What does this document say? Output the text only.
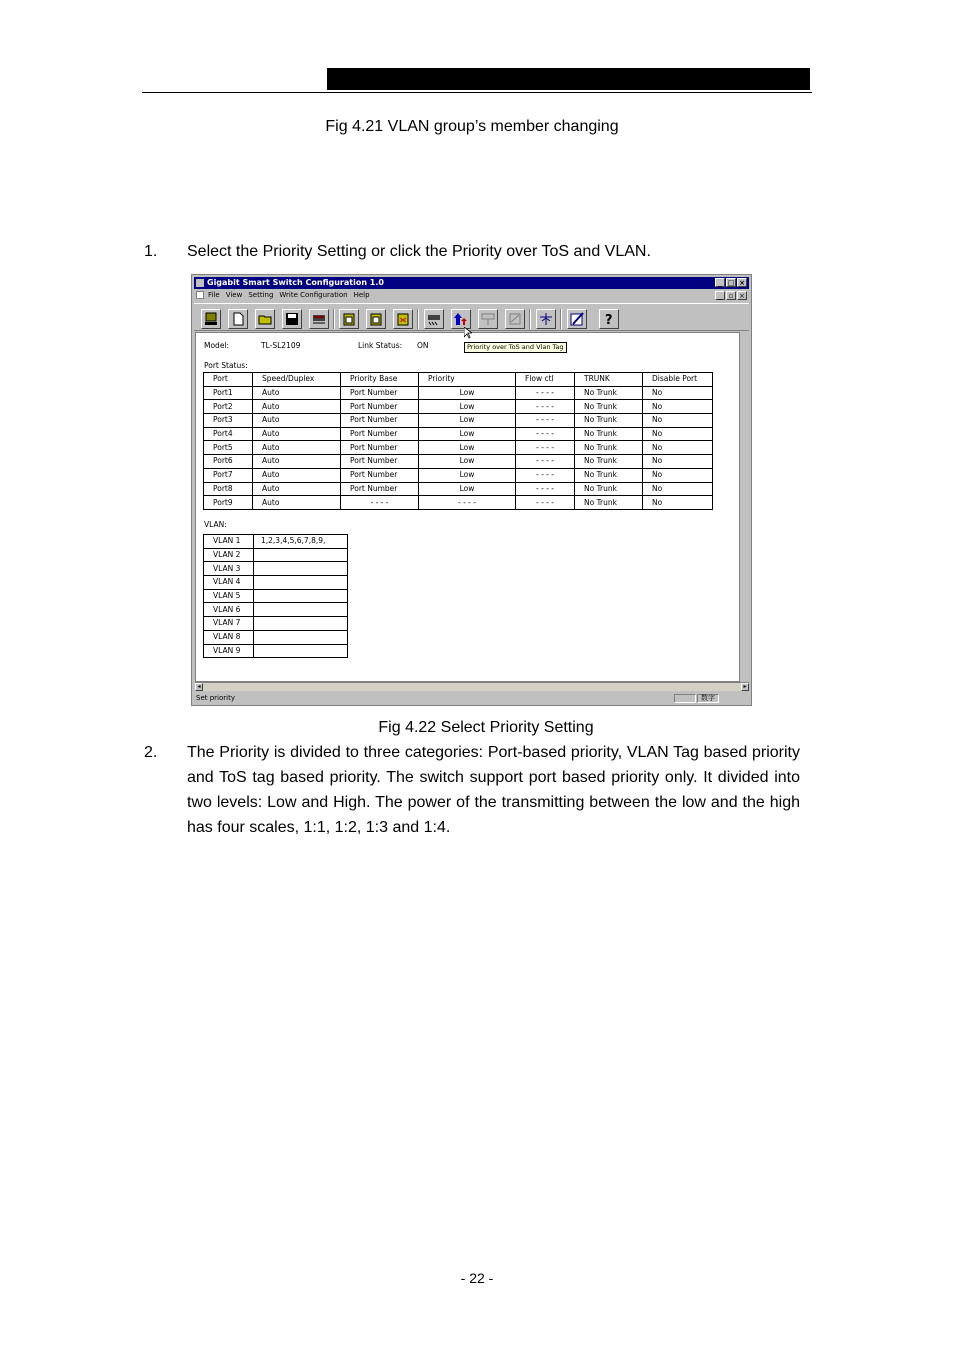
Fig 4.21 VLAN group’s member changing
1. Select the Priority Setting or click the Priority over ToS and VLAN.
Gigabit Smart Switch Configuration 1.0	_ □ ×
File View Setting Write Configuration Help	_ ▫ ×
?
Model:	TL-SL2109	Link Status: ON
Port Status:
Port	Speed/Duplex	Priority Base	Priority	Flow ctl	TRUNK	Disable Port
Port1	Auto	Port Number	Low	- - - -	No Trunk	No
Port2	Auto	Port Number	Low	- - - -	No Trunk	No
Port3	Auto	Port Number	Low	- - - -	No Trunk	No
Port4	Auto	Port Number	Low	- - - -	No Trunk	No
Port5	Auto	Port Number	Low	- - - -	No Trunk	No
Port6	Auto	Port Number	Low	- - - -	No Trunk	No
Port7	Auto	Port Number	Low	- - - -	No Trunk	No
Port8	Auto	Port Number	Low	- - - -	No Trunk	No
Port9	Auto	- - - -	- - - -	- - - -	No Trunk	No
VLAN:
VLAN 1	1,2,3,4,5,6,7,8,9,
VLAN 2	
VLAN 3	
VLAN 4	
VLAN 5	
VLAN 6	
VLAN 7	
VLAN 8	
VLAN 9	
Priority over ToS and Vlan Tag
◂	▸
Set priority	数字
Fig 4.22 Select Priority Setting
2. The Priority is divided to three categories: Port-based priority, VLAN Tag based priority and ToS tag based priority. The switch support port based priority only. It divided into two levels: Low and High. The power of the transmitting between the low and the high has four scales, 1:1, 1:2, 1:3 and 1:4.
- 22 -
